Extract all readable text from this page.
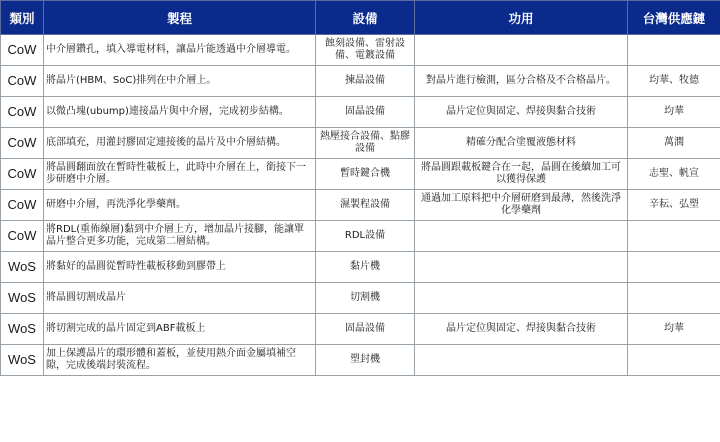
類別	製程	設備	功用	台灣供應鏈
CoW	中介層鑽孔，填入導電材料，讓晶片能透過中介層導電。	蝕刻設備、雷射設備、電鍍設備		
CoW	將晶片(HBM、SoC)排列在中介層上。	揀晶設備	對晶片進行檢測，區分合格及不合格晶片。	均華、牧德
CoW	以微凸塊(ubump)連接晶片與中介層，完成初步結構。	固晶設備	晶片定位與固定、焊接與黏合技術	均華
CoW	底部填充，用灌封膠固定連接後的晶片及中介層結構。	熱壓接合設備、點膠設備	精確分配合塗覆液態材料	萬潤
CoW	將晶圓翻面放在暫時性載板上，此時中介層在上，銜接下一步研磨中介層。	暫時鍵合機	將晶圓跟載板鍵合在一起，晶圓在後續加工可以獲得保護	志聖、帆宣
CoW	研磨中介層，再洗淨化學藥劑。	濕製程設備	通過加工原料把中介層研磨到最薄，然後洗淨化學藥劑	辛耘、弘塑
CoW	將RDL(重佈線層)黏到中介層上方，增加晶片接腳，能讓單晶片整合更多功能，完成第二層結構。	RDL設備		
WoS	將黏好的晶圓從暫時性載板移動到膠帶上	黏片機		
WoS	將晶圓切割成晶片	切割機		
WoS	將切割完成的晶片固定到ABF載板上	固晶設備	晶片定位與固定、焊接與黏合技術	均華
WoS	加上保護晶片的環形體和蓋板，並使用熱介面金屬填補空隙，完成後端封裝流程。	塑封機		
